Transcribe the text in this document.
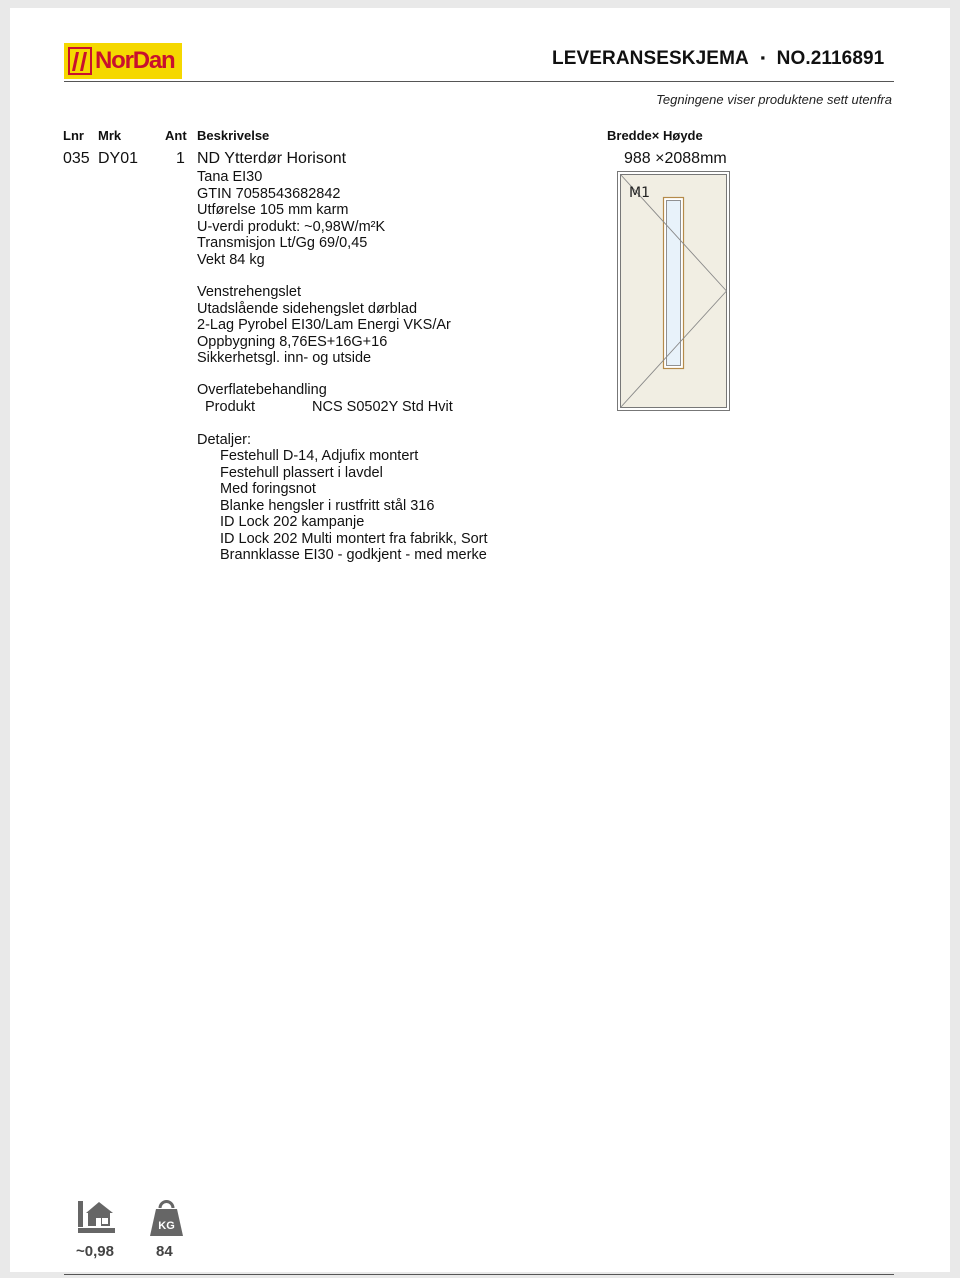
NorDan	LEVERANSESKJEMA ▪ NO.2116891
Tegningene viser produktene sett utenfra
Lnr Mrk	Ant Beskrivelse	Bredde× Høyde
035 DY01 1 ND Ytterdør Horisont	988 ×2088mm
Tana EI30
GTIN 7058543682842
Utførelse 105 mm karm
U-verdi produkt: ~0,98W/m²K
Transmisjon Lt/Gg 69/0,45
Vekt 84 kg
Venstrehengslet
Utadslående sidehengslet dørblad
2-Lag Pyrobel EI30/Lam Energi VKS/Ar
Oppbygning 8,76ES+16G+16
Sikkerhetsgl. inn- og utside
Overflatebehandling
Produkt	NCS S0502Y Std Hvit
Detaljer:
Festehull D-14, Adjufix montert
Festehull plassert i lavdel
Med foringsnot
Blanke hengsler i rustfritt stål 316
ID Lock 202 kampanje
ID Lock 202 Multi montert fra fabrikk, Sort
Brannklasse EI30 - godkjent - med merke
M1
~0,98
KG
84
